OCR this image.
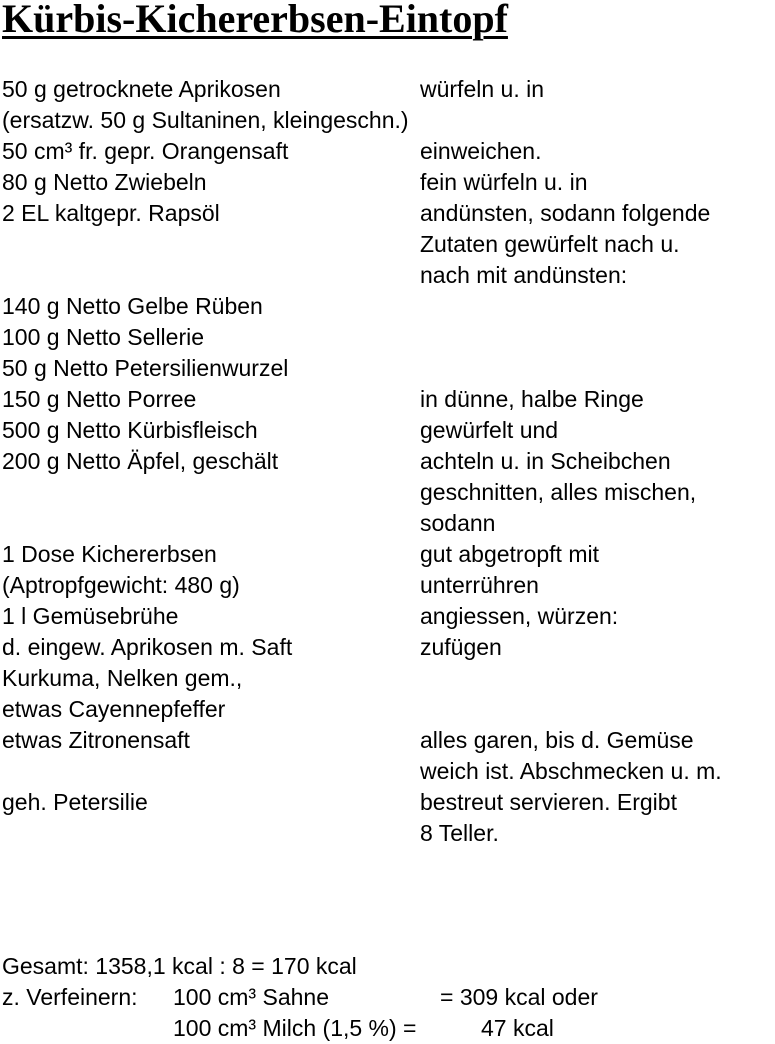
Kürbis-Kichererbsen-Eintopf
50 g getrocknete Aprikosen	würfeln u. in
(ersatzw. 50 g Sultaninen, kleingeschn.)
50 cm³ fr. gepr. Orangensaft	einweichen.
80 g Netto Zwiebeln	fein würfeln u. in
2 EL kaltgepr. Rapsöl	andünsten, sodann folgende
Zutaten gewürfelt nach u.
nach mit andünsten:
140 g Netto Gelbe Rüben
100 g Netto Sellerie
50 g Netto Petersilienwurzel
150 g Netto Porree	in dünne, halbe Ringe
500 g Netto Kürbisfleisch	gewürfelt und
200 g Netto Äpfel, geschält	achteln u. in Scheibchen
geschnitten, alles mischen,
sodann
1 Dose Kichererbsen	gut abgetropft mit
(Aptropfgewicht: 480 g)	unterrühren
1 l Gemüsebrühe	angiessen, würzen:
d. eingew. Aprikosen m. Saft	zufügen
Kurkuma, Nelken gem.,
etwas Cayennepfeffer
etwas Zitronensaft	alles garen, bis d. Gemüse
weich ist. Abschmecken u. m.
geh. Petersilie	bestreut servieren. Ergibt
8 Teller.
Gesamt: 1358,1 kcal : 8 = 170 kcal
z. Verfeinern: 100 cm³ Sahne	= 309 kcal oder
100 cm³ Milch (1,5 %) =	47 kcal
